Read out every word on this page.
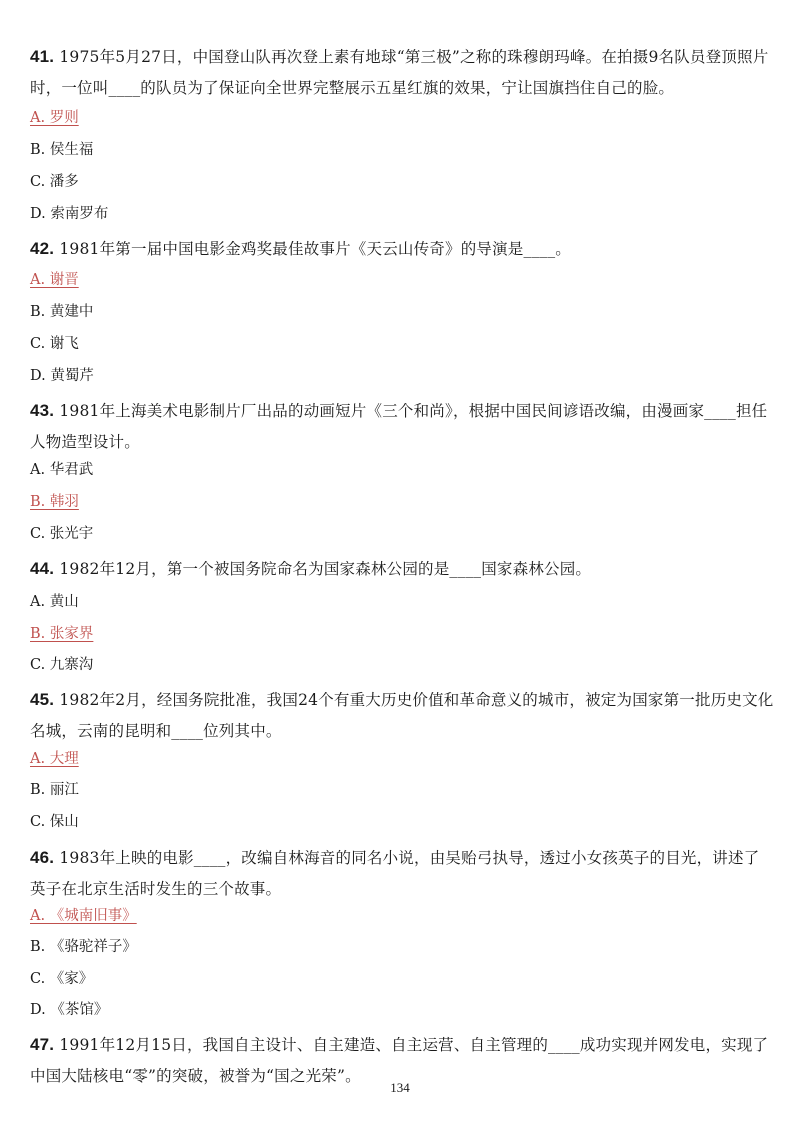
41. 1975年5月27日，中国登山队再次登上素有地球“第三极”之称的珠穆朗玛峰。在拍摄9名队员登顶照片时，一位叫____的队员为了保证向全世界完整展示五星红旗的效果，宁让国旗挡住自己的脸。
A. 罗则
B. 侯生福
C. 潘多
D. 索南罗布
42. 1981年第一届中国电影金鸡奖最佳故事片《天云山传奇》的导演是____。
A. 谢晋
B. 黄建中
C. 谢飞
D. 黄蜀芹
43. 1981年上海美术电影制片厂出品的动画短片《三个和尚》，根据中国民间谚语改编，由漫画家____担任人物造型设计。
A. 华君武
B. 韩羽
C. 张光宇
44. 1982年12月，第一个被国务院命名为国家森林公园的是____国家森林公园。
A. 黄山
B. 张家界
C. 九寨沟
45. 1982年2月，经国务院批准，我国24个有重大历史价值和革命意义的城市，被定为国家第一批历史文化名城，云南的昆明和____位列其中。
A. 大理
B. 丽江
C. 保山
46. 1983年上映的电影____，改编自林海音的同名小说，由吴贻弓执导，透过小女孩英子的目光，讲述了英子在北京生活时发生的三个故事。
A. 《城南旧事》
B. 《骆驼祥子》
C. 《家》
D. 《茶馆》
47. 1991年12月15日，我国自主设计、自主建造、自主运营、自主管理的____成功实现并网发电，实现了中国大陆核电“零”的突破，被誉为“国之光荣”。
134
